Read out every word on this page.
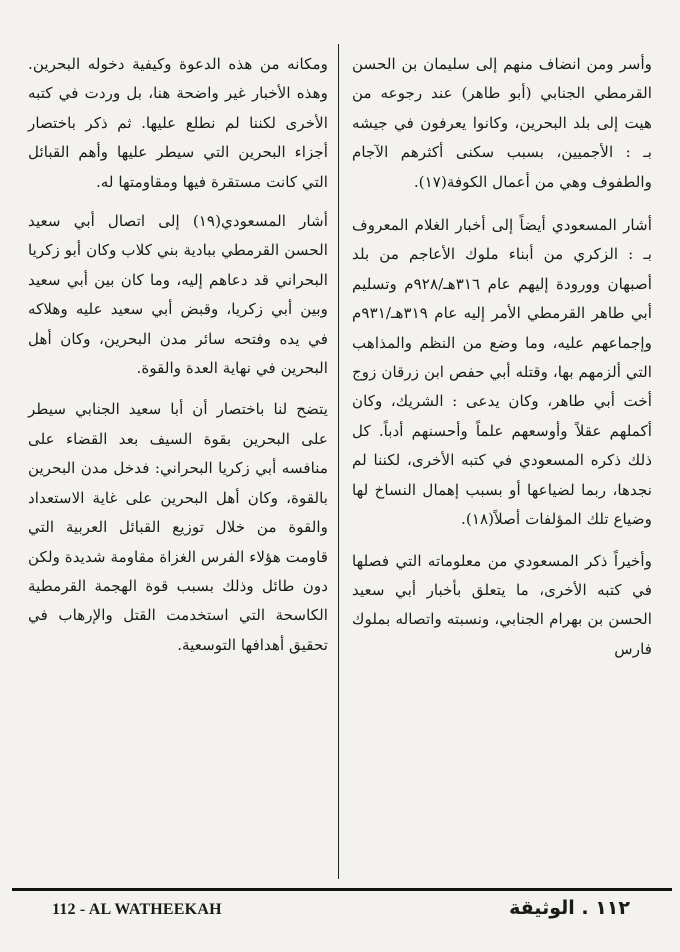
وأسر ومن انضاف منهم إلى سليمان بن الحسن القرمطي الجنابي (أبو طاهر) عند رجوعه من هيت إلى بلد البحرين، وكانوا يعرفون في جيشه بـ : الأجميين، بسبب سكنى أكثرهم الآجام والطفوف وهي من أعمال الكوفة(١٧).

أشار المسعودي أيضاً إلى أخبار الغلام المعروف بـ : الزكري من أبناء ملوك الأعاجم من بلد أصبهان وورودة إليهم عام ٣١٦هـ/٩٢٨م وتسليم أبي طاهر القرمطي الأمر إليه عام ٣١٩هـ/٩٣١م وإجماعهم عليه، وما وضع من النظم والمذاهب التي ألزمهم بها، وقتله أبي حفص ابن زرقان زوج أخت أبي طاهر، وكان يدعى : الشريك، وكان أكملهم عقلاً وأوسعهم علماً وأحسنهم أدباً. كل ذلك ذكره المسعودي في كتبه الأخرى، لكننا لم نجدها، ربما لضياعها أو بسبب إهمال النساخ لها وضياع تلك المؤلفات أصلاً(١٨).

وأخيراً ذكر المسعودي من معلوماته التي فصلها في كتبه الأخرى، ما يتعلق بأخبار أبي سعيد الحسن بن بهرام الجنابي، ونسبته واتصاله بملوك فارس

ومكانه من هذه الدعوة وكيفية دخوله البحرين. وهذه الأخبار غير واضحة هنا، بل وردت في كتبه الأخرى لكننا لم نطلع عليها. ثم ذكر باختصار أجزاء البحرين التي سيطر عليها وأهم القبائل التي كانت مستقرة فيها ومقاومتها له.

أشار المسعودي(١٩) إلى اتصال أبي سعيد الحسن القرمطي ببادية بني كلاب وكان أبو زكريا البحراني قد دعاهم إليه، وما كان بين أبي سعيد وبين أبي زكريا، وقبض أبي سعيد عليه وهلاكه في يده وفتحه سائر مدن البحرين، وكان أهل البحرين في نهاية العدة والقوة.

يتضح لنا باختصار أن أبا سعيد الجنابي سيطر على البحرين بقوة السيف بعد القضاء على منافسه أبي زكريا البحراني: فدخل مدن البحرين بالقوة، وكان أهل البحرين على غاية الاستعداد والقوة من خلال توزيع القبائل العربية التي قاومت هؤلاء الفرس الغزاة مقاومة شديدة ولكن دون طائل وذلك بسبب قوة الهجمة القرمطية الكاسحة التي استخدمت القتل والإرهاب في تحقيق أهدافها التوسعية.

112 - AL WATHEEKAH	١١٢ . الوثيقة
